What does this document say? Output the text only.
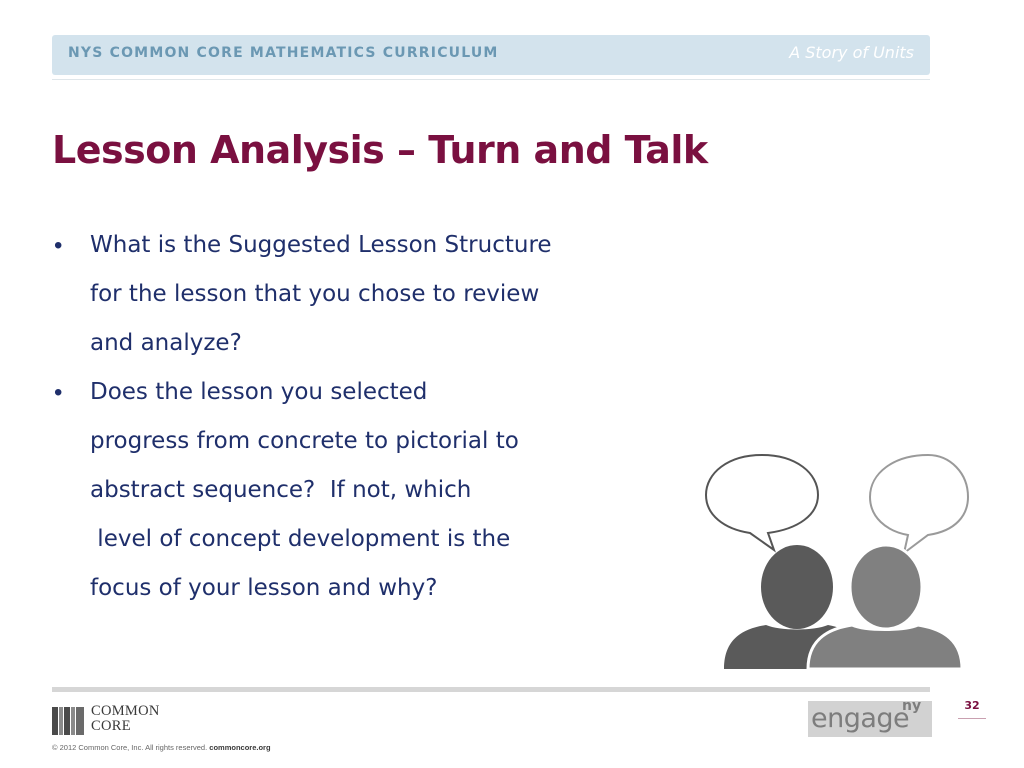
NYS COMMON CORE MATHEMATICS CURRICULUM	A Story of Units
Lesson Analysis – Turn and Talk
• What is the Suggested Lesson Structure
for the lesson that you chose to review
and analyze?
• Does the lesson you selected
progress from concrete to pictorial to
abstract sequence?  If not, which
level of concept development is the
focus of your lesson and why?
COMMON
CORE
© 2012 Common Core, Inc. All rights reserved. commoncore.org
engage
ny	32
